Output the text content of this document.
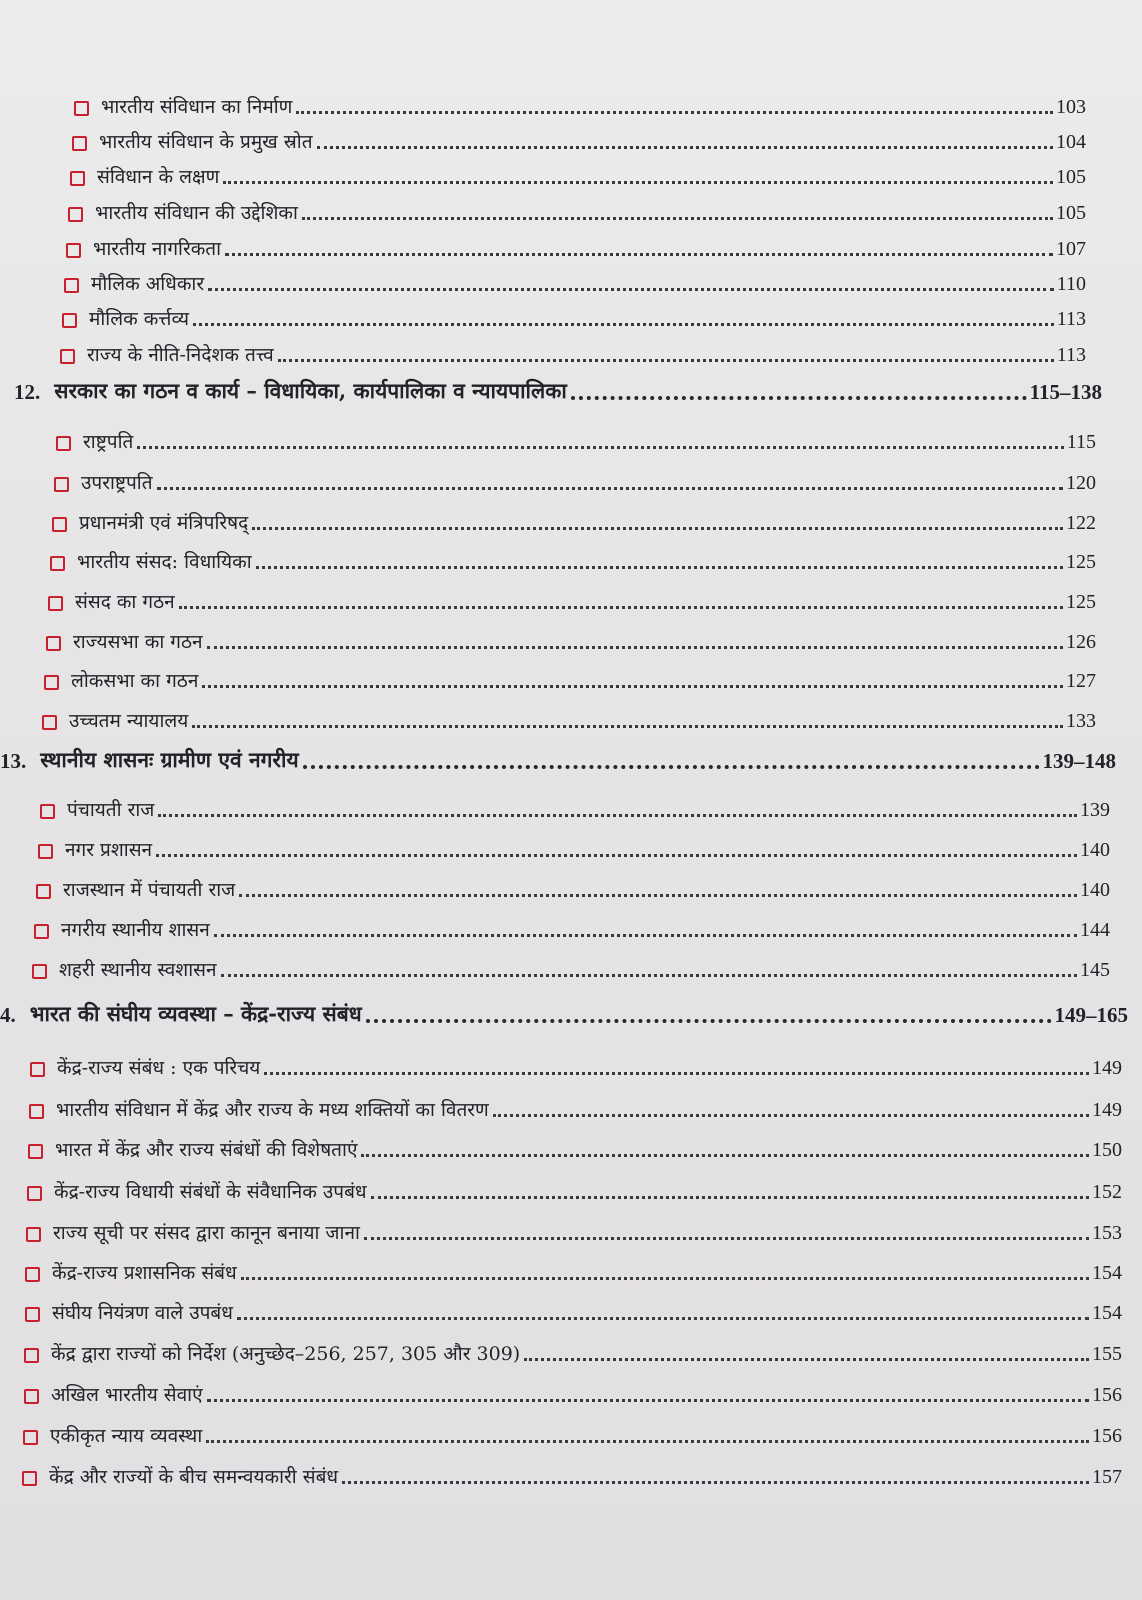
भारतीय संविधान का निर्माण	103
भारतीय संविधान के प्रमुख स्रोत	104
संविधान के लक्षण	105
भारतीय संविधान की उद्देशिका	105
भारतीय नागरिकता	107
मौलिक अधिकार	110
मौलिक कर्त्तव्य	113
राज्य के नीति-निदेशक तत्त्व	113
12. सरकार का गठन व कार्य – विधायिका, कार्यपालिका व न्यायपालिका	115–138
राष्ट्रपति	115
उपराष्ट्रपति	120
प्रधानमंत्री एवं मंत्रिपरिषद्	122
भारतीय संसद: विधायिका	125
संसद का गठन	125
राज्यसभा का गठन	126
लोकसभा का गठन	127
उच्चतम न्यायालय	133
13. स्थानीय शासनः ग्रामीण एवं नगरीय	139–148
पंचायती राज	139
नगर प्रशासन	140
राजस्थान में पंचायती राज	140
नगरीय स्थानीय शासन	144
शहरी स्थानीय स्वशासन	145
4. भारत की संघीय व्यवस्था – केंद्र-राज्य संबंध	149–165
केंद्र-राज्य संबंध : एक परिचय	149
भारतीय संविधान में केंद्र और राज्य के मध्य शक्तियों का वितरण	149
भारत में केंद्र और राज्य संबंधों की विशेषताएं	150
केंद्र-राज्य विधायी संबंधों के संवैधानिक उपबंध	152
राज्य सूची पर संसद द्वारा कानून बनाया जाना	153
केंद्र-राज्य प्रशासनिक संबंध	154
संघीय नियंत्रण वाले उपबंध	154
केंद्र द्वारा राज्यों को निर्देश (अनुच्छेद–256, 257, 305 और 309)	155
अखिल भारतीय सेवाएं	156
एकीकृत न्याय व्यवस्था	156
केंद्र और राज्यों के बीच समन्वयकारी संबंध	157
